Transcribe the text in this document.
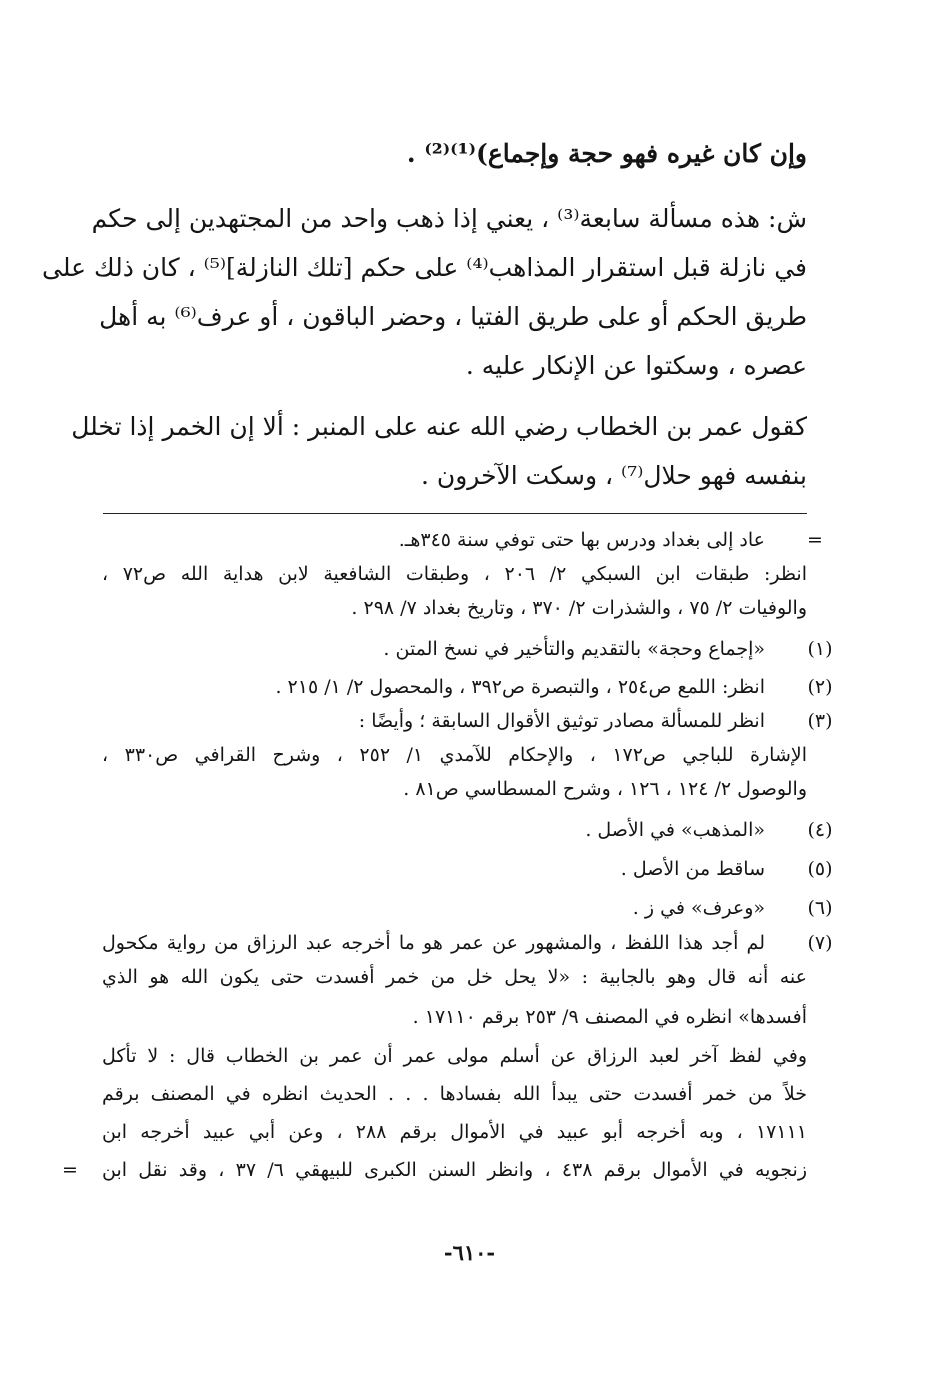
وإن كان غيره فهو حجة وإجماع)⁽¹⁾⁽²⁾ .
ش: هذه مسألة سابعة⁽³⁾ ، يعني إذا ذهب واحد من المجتهدين إلى حكم
في نازلة قبل استقرار المذاهب⁽⁴⁾ على حكم [تلك النازلة]⁽⁵⁾ ، كان ذلك على
طريق الحكم أو على طريق الفتيا ، وحضر الباقون ، أو عرف⁽⁶⁾ به أهل
عصره ، وسكتوا عن الإنكار عليه .
كقول عمر بن الخطاب رضي الله عنه على المنبر : ألا إن الخمر إذا تخلل
بنفسه فهو حلال⁽⁷⁾ ، وسكت الآخرون .
=
عاد إلى بغداد ودرس بها حتى توفي سنة ٣٤٥هـ.
انظر: طبقات ابن السبكي ٢/ ٢٠٦ ، وطبقات الشافعية لابن هداية الله ص٧٢ ،
والوفيات ٢/ ٧٥ ، والشذرات ٢/ ٣٧٠ ، وتاريخ بغداد ٧/ ٢٩٨ .
(١)
«إجماع وحجة» بالتقديم والتأخير في نسخ المتن .
(٢)
انظر: اللمع ص٢٥٤ ، والتبصرة ص٣٩٢ ، والمحصول ٢/ ١/ ٢١٥ .
(٣)
انظر للمسألة مصادر توثيق الأقوال السابقة ؛ وأيضًا :
الإشارة للباجي ص١٧٢ ، والإحكام للآمدي ١/ ٢٥٢ ، وشرح القرافي ص٣٣٠ ،
والوصول ٢/ ١٢٤ ، ١٢٦ ، وشرح المسطاسي ص٨١ .
(٤)
«المذهب» في الأصل .
(٥)
ساقط من الأصل .
(٦)
«وعرف» في ز .
(٧)
لم أجد هذا اللفظ ، والمشهور عن عمر هو ما أخرجه عبد الرزاق من رواية مكحول
عنه أنه قال وهو بالجابية : «لا يحل خل من خمر أفسدت حتى يكون الله هو الذي
أفسدها» انظره في المصنف ٩/ ٢٥٣ برقم ١٧١١٠ .
وفي لفظ آخر لعبد الرزاق عن أسلم مولى عمر أن عمر بن الخطاب قال : لا تأكل
خلاً من خمر أفسدت حتى يبدأ الله بفسادها . . . الحديث انظره في المصنف برقم
١٧١١١ ، وبه أخرجه أبو عبيد في الأموال برقم ٢٨٨ ، وعن أبي عبيد أخرجه ابن
زنجويه في الأموال برقم ٤٣٨ ، وانظر السنن الكبرى للبيهقي ٦/ ٣٧ ، وقد نقل ابن
=
-٦١٠-
